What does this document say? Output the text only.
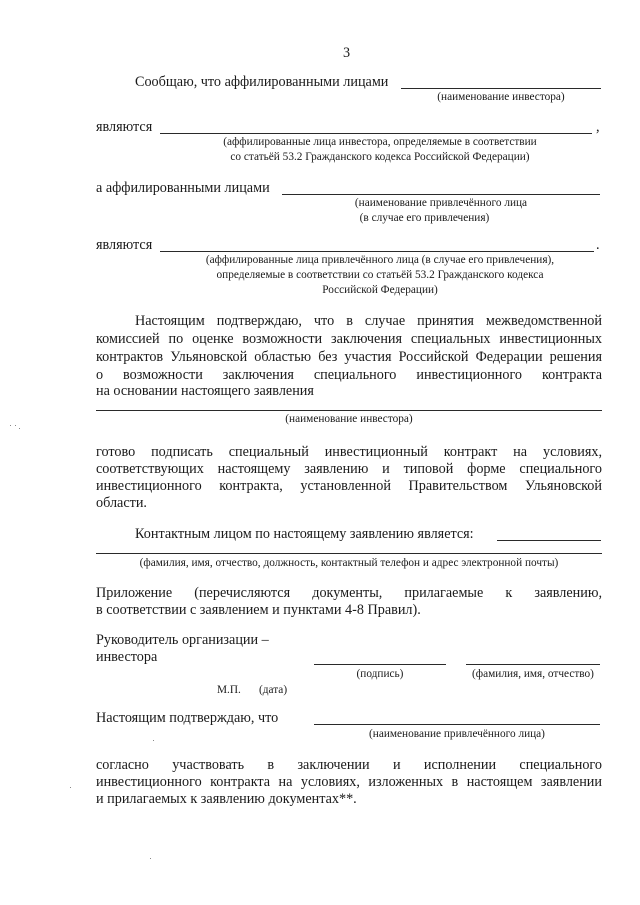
3
Сообщаю, что аффилированными лицами
(наименование инвестора)
являются	,
(аффилированные лица инвестора, определяемые в соответствии
со статьёй 53.2 Гражданского кодекса Российской Федерации)
а аффилированными лицами
(наименование привлечённого лица
(в случае его привлечения)
являются	.
(аффилированные лица привлечённого лица (в случае его привлечения),
определяемые в соответствии со статьёй 53.2 Гражданского кодекса
Российской Федерации)
Настоящим подтверждаю, что в случае принятия межведомственной
комиссией по оценке возможности заключения специальных инвестиционных
контрактов Ульяновской областью без участия Российской Федерации решения
о возможности заключения специального инвестиционного контракта
на основании настоящего заявления
(наименование инвестора)
готово подписать специальный инвестиционный контракт на условиях,
соответствующих настоящему заявлению и типовой форме специального
инвестиционного контракта, установленной Правительством Ульяновской
области.
Контактным лицом по настоящему заявлению является:
(фамилия, имя, отчество, должность, контактный телефон и адрес электронной почты)
Приложение (перечисляются документы, прилагаемые к заявлению,
в соответствии с заявлением и пунктами 4-8 Правил).
Руководитель организации –
инвестора
(подпись)	(фамилия, имя, отчество)
М.П. (дата)
Настоящим подтверждаю, что
(наименование привлечённого лица)
согласно участвовать в заключении и исполнении специального
инвестиционного контракта на условиях, изложенных в настоящем заявлении
и прилагаемых к заявлению документах**.
